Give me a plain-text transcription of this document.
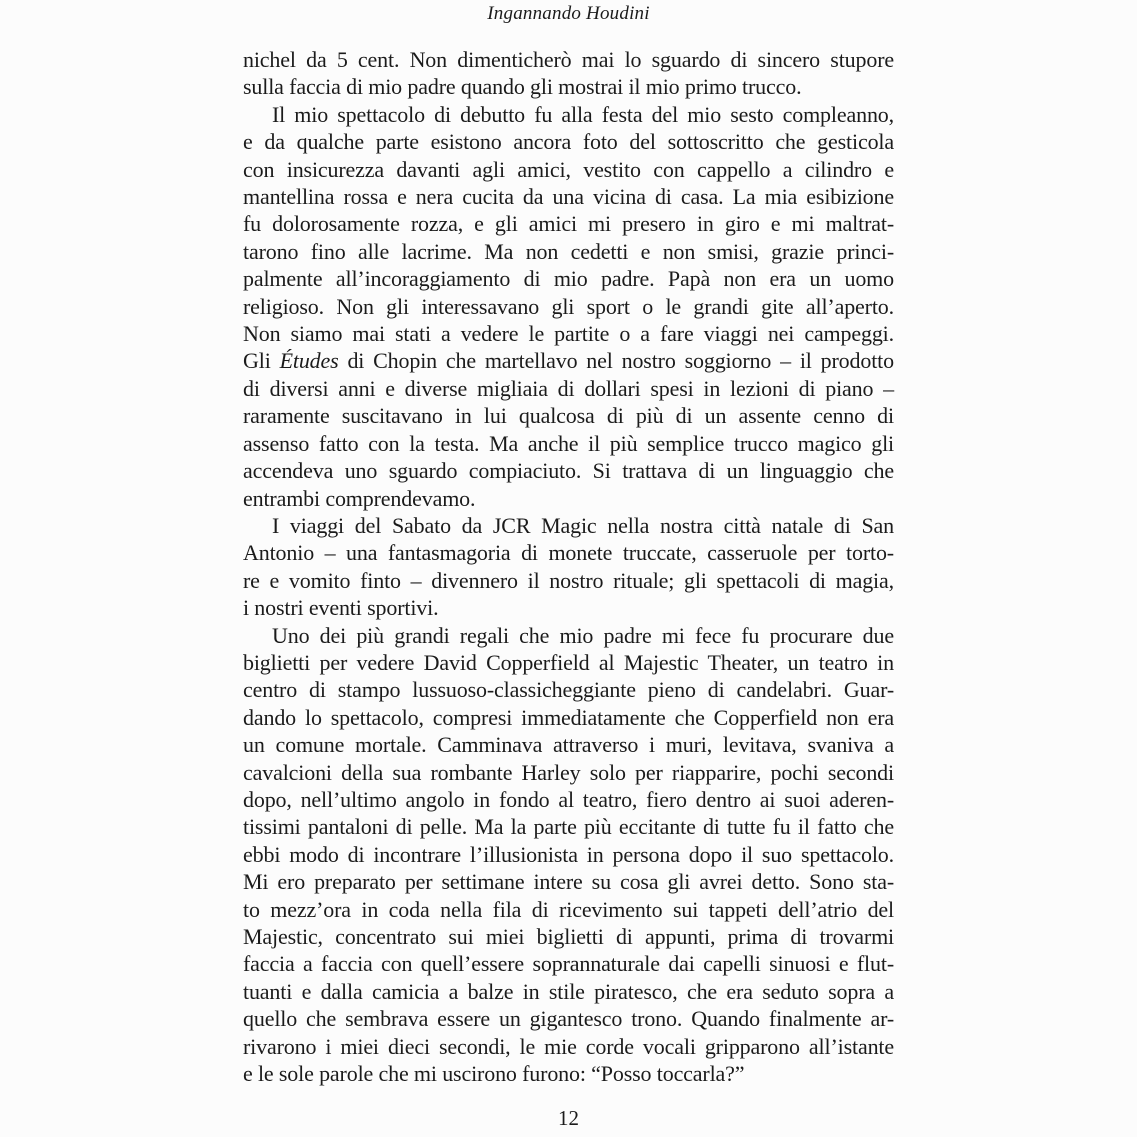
Ingannando Houdini
nichel da 5 cent. Non dimenticherò mai lo sguardo di sincero stupore
sulla faccia di mio padre quando gli mostrai il mio primo trucco.
Il mio spettacolo di debutto fu alla festa del mio sesto compleanno,
e da qualche parte esistono ancora foto del sottoscritto che gesticola
con insicurezza davanti agli amici, vestito con cappello a cilindro e
mantellina rossa e nera cucita da una vicina di casa. La mia esibizione
fu dolorosamente rozza, e gli amici mi presero in giro e mi maltrat-
tarono fino alle lacrime. Ma non cedetti e non smisi, grazie princi-
palmente all’incoraggiamento di mio padre. Papà non era un uomo
religioso. Non gli interessavano gli sport o le grandi gite all’aperto.
Non siamo mai stati a vedere le partite o a fare viaggi nei campeggi.
Gli Études di Chopin che martellavo nel nostro soggiorno – il prodotto
di diversi anni e diverse migliaia di dollari spesi in lezioni di piano –
raramente suscitavano in lui qualcosa di più di un assente cenno di
assenso fatto con la testa. Ma anche il più semplice trucco magico gli
accendeva uno sguardo compiaciuto. Si trattava di un linguaggio che
entrambi comprendevamo.
I viaggi del Sabato da JCR Magic nella nostra città natale di San
Antonio – una fantasmagoria di monete truccate, casseruole per torto-
re e vomito finto – divennero il nostro rituale; gli spettacoli di magia,
i nostri eventi sportivi.
Uno dei più grandi regali che mio padre mi fece fu procurare due
biglietti per vedere David Copperfield al Majestic Theater, un teatro in
centro di stampo lussuoso-classicheggiante pieno di candelabri. Guar-
dando lo spettacolo, compresi immediatamente che Copperfield non era
un comune mortale. Camminava attraverso i muri, levitava, svaniva a
cavalcioni della sua rombante Harley solo per riapparire, pochi secondi
dopo, nell’ultimo angolo in fondo al teatro, fiero dentro ai suoi aderen-
tissimi pantaloni di pelle. Ma la parte più eccitante di tutte fu il fatto che
ebbi modo di incontrare l’illusionista in persona dopo il suo spettacolo.
Mi ero preparato per settimane intere su cosa gli avrei detto. Sono sta-
to mezz’ora in coda nella fila di ricevimento sui tappeti dell’atrio del
Majestic, concentrato sui miei biglietti di appunti, prima di trovarmi
faccia a faccia con quell’essere soprannaturale dai capelli sinuosi e flut-
tuanti e dalla camicia a balze in stile piratesco, che era seduto sopra a
quello che sembrava essere un gigantesco trono. Quando finalmente ar-
rivarono i miei dieci secondi, le mie corde vocali gripparono all’istante
e le sole parole che mi uscirono furono: “Posso toccarla?”
12
